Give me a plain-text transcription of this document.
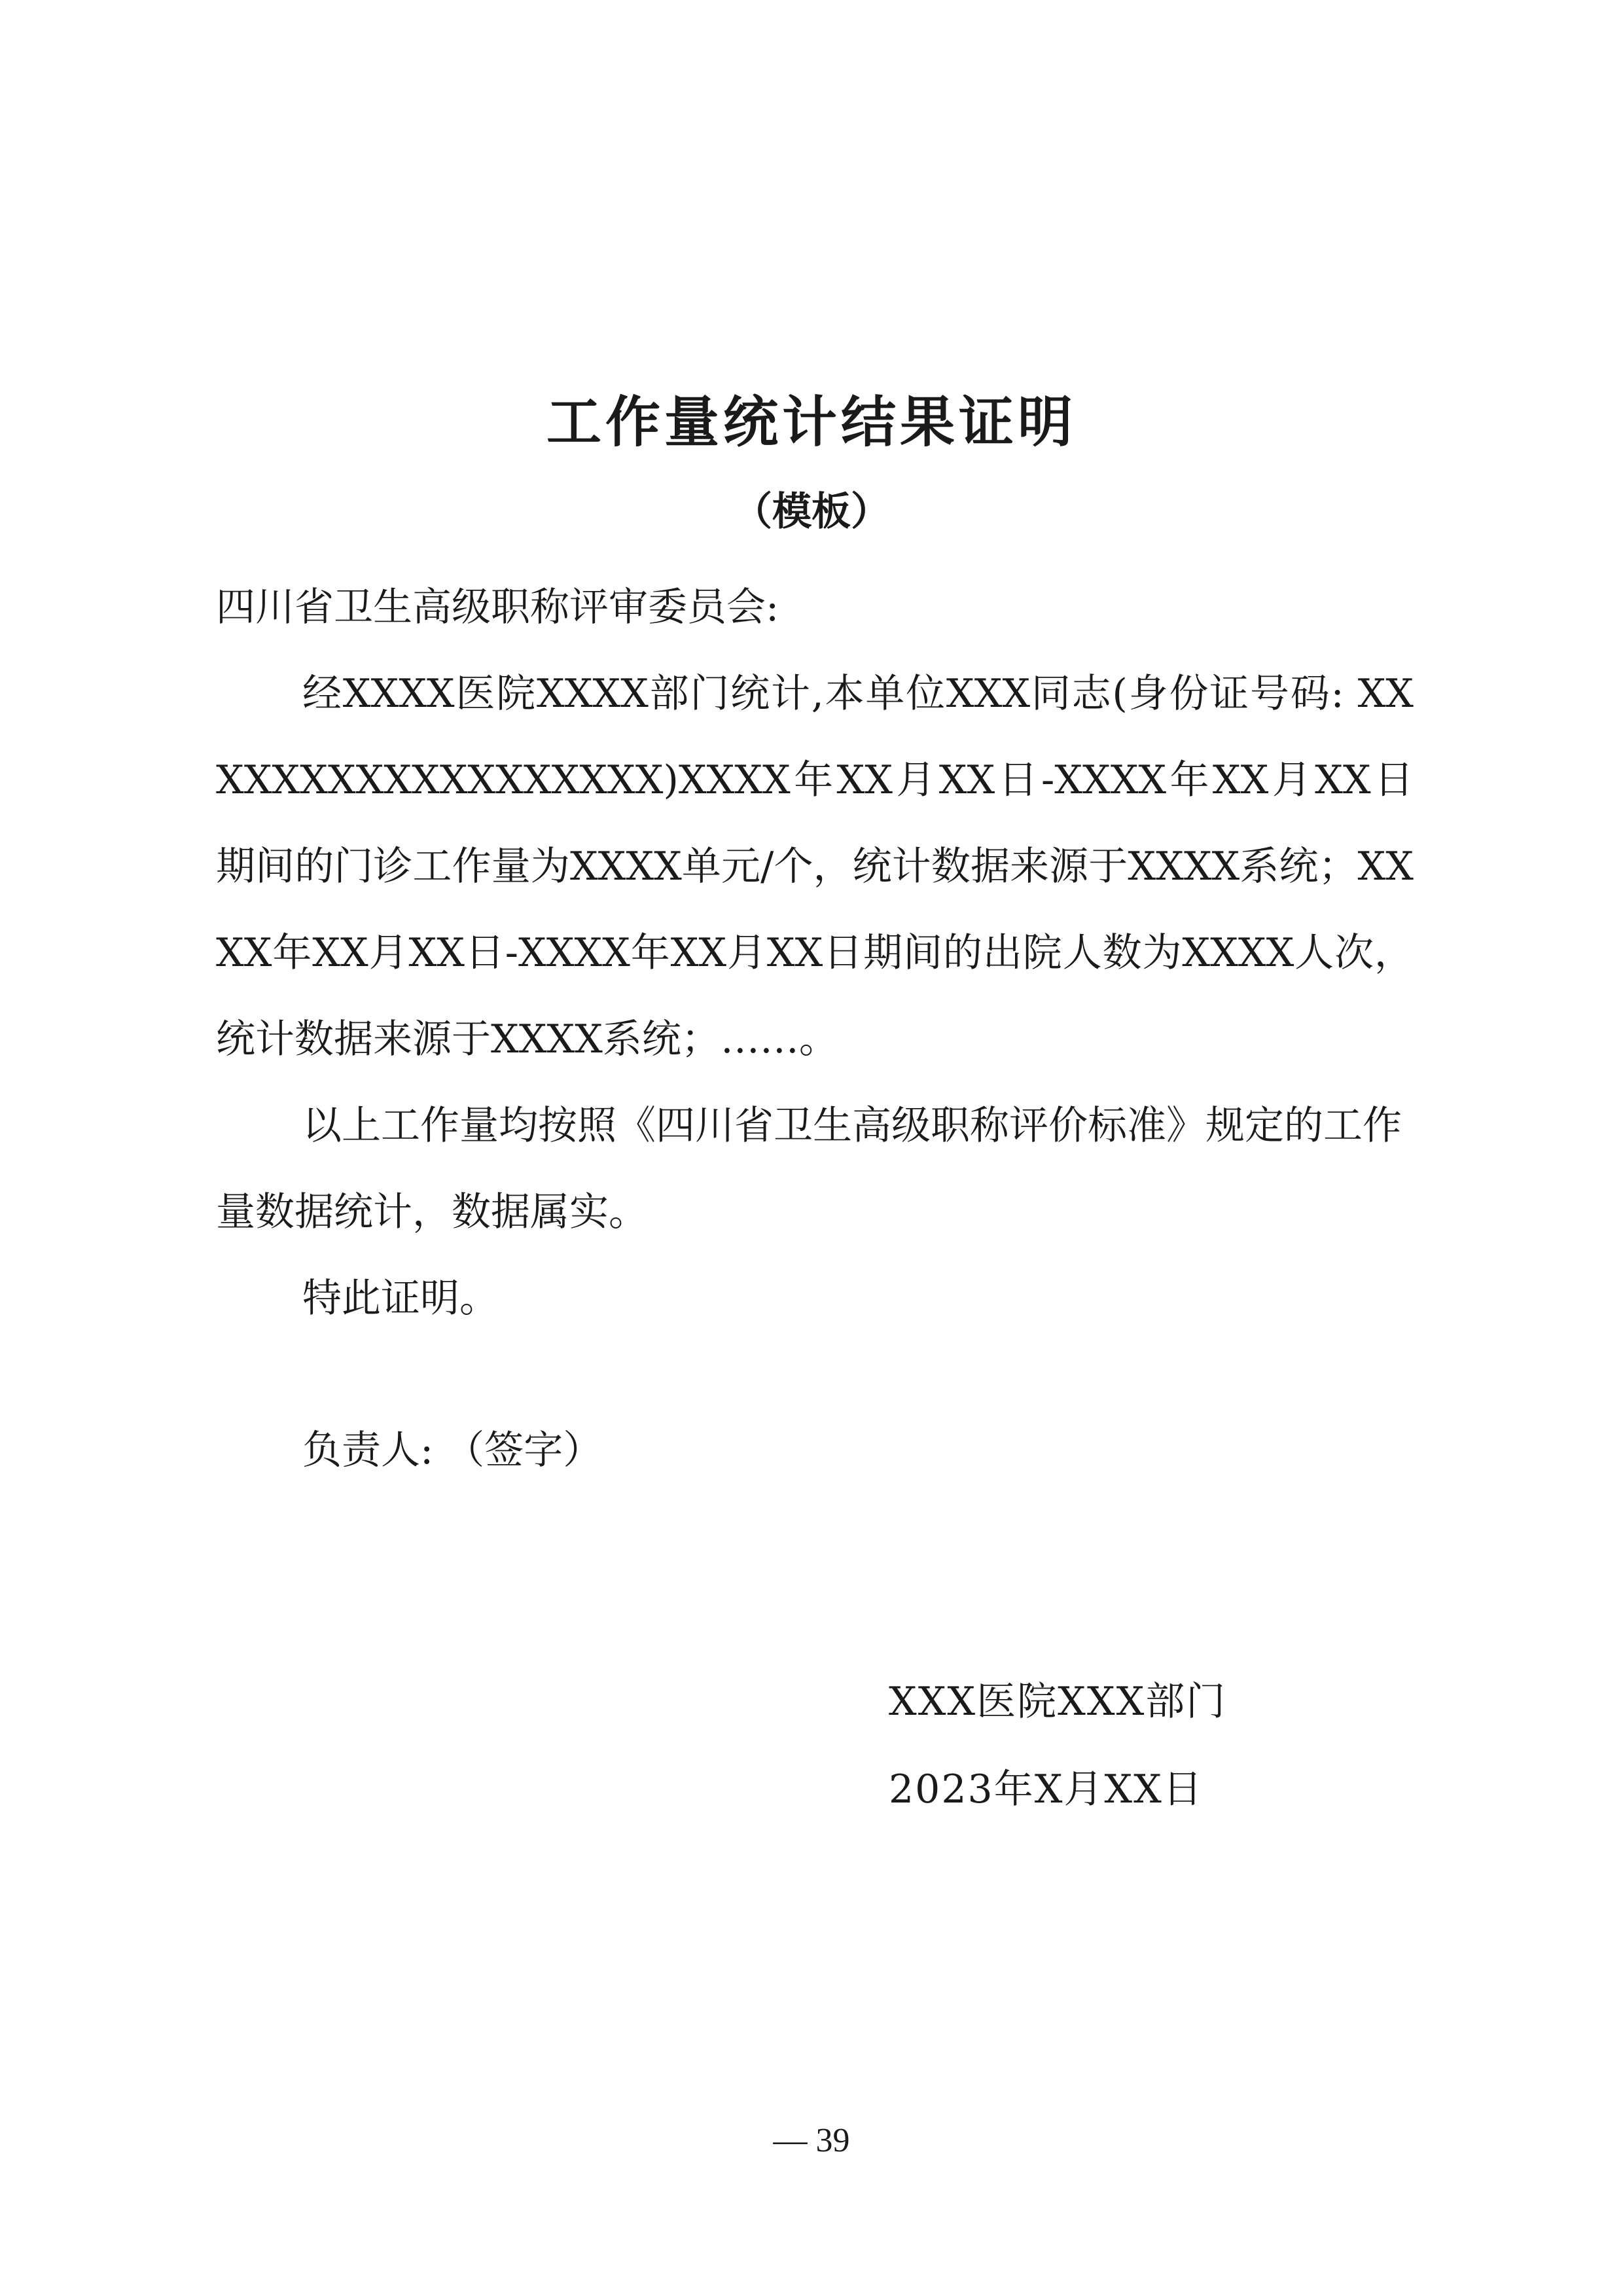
工作量统计结果证明
（模板）
四川省卫生高级职称评审委员会:
经XXXX医院XXXX部门统计,本单位XXX同志(身份证号码: XXXXXXXXXXXXXXXXXX)XXXX年XX月XX日-XXXX年XX月XX日期间的门诊工作量为XXXX单元/个，统计数据来源于XXXX系统；XXXX年XX月XX日-XXXX年XX月XX日期间的出院人数为XXXX人次，统计数据来源于XXXX系统；……。
以上工作量均按照《四川省卫生高级职称评价标准》规定的工作量数据统计，数据属实。
特此证明。
负责人: （签字）
XXX医院XXX部门
2023年X月XX日
— 39
